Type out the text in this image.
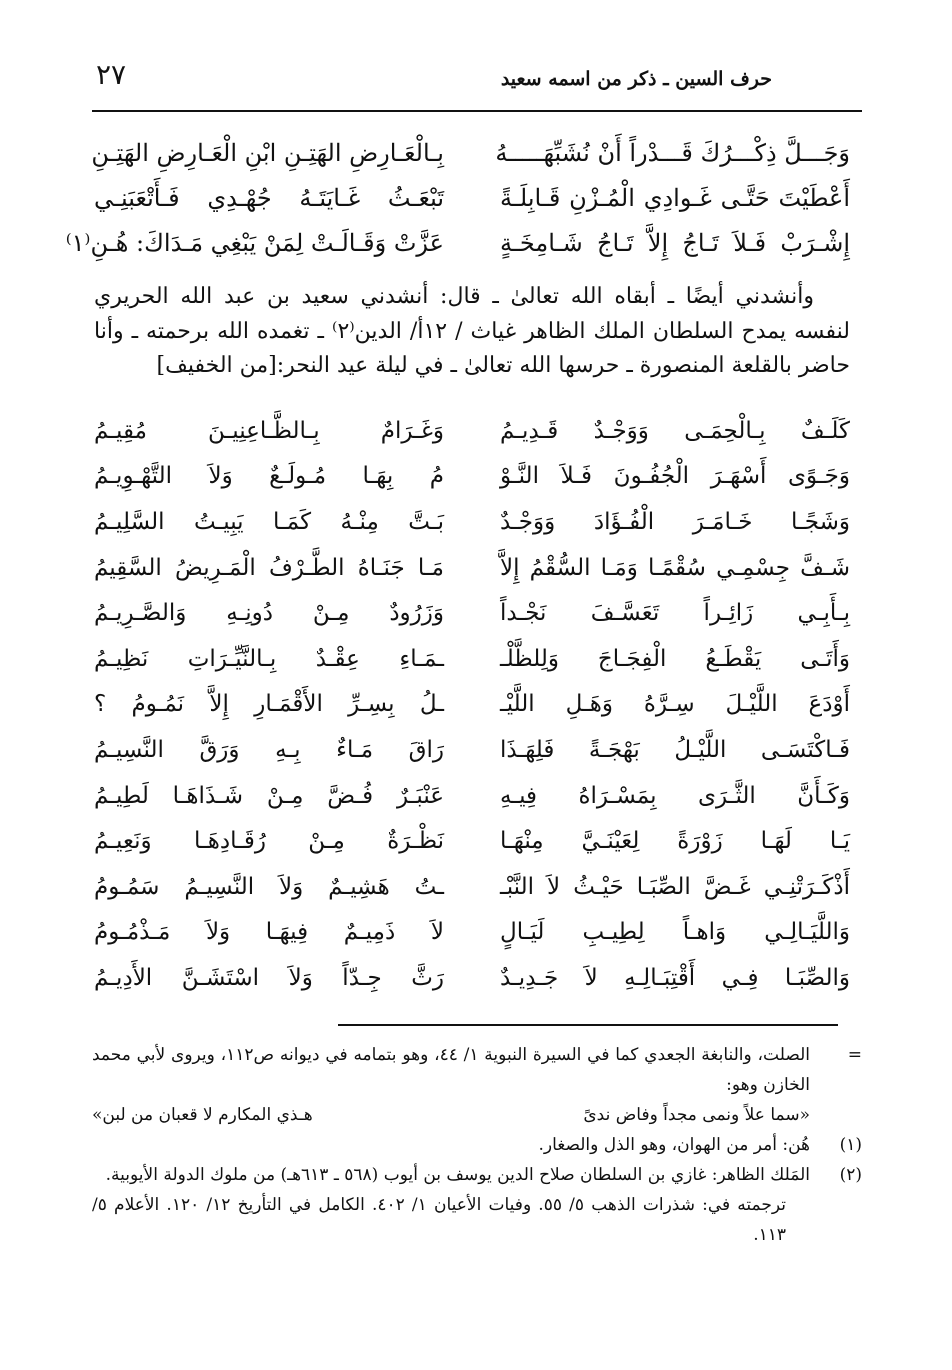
حرف السين ـ ذكر من اسمه سعيد
٢٧
وَجَـــلَّ ذِكْـــرُكَ قَـــدْراً أَنْ نُشَبِّهَـــــهُ
بِـالْعَـارِضِ الهَتِـنِ ابْنِ الْعَـارِضِ الهَتِـنِ
أَعْطَيْتَ حَتَّـى غَـوادِي الْمُـزْنِ قَـابِلَـةً
تَبْعَـثُ غَـايَتَـهُ جُهْـدِي فَـأَتْعَبَنِـي
إِشْـرَبْ فَـلاَ تَـاجُ إِلاَّ تَـاجُ شَـامِخَـةٍ
عَزَّتْ وَقَـالَـتْ لِمَنْ يَبْغِي مَـدَاكَ: هُـنِ⁽١⁾

وأنشدني أيضًا ـ أبقاه الله تعالىٰ ـ قال: أنشدني سعيد بن عبد الله الحريري لنفسه يمدح السلطان الملك الظاهر غياث / ١٢أ/ الدين⁽٢⁾ ـ تغمده الله برحمته ـ وأنا حاضر بالقلعة المنصورة ـ حرسها الله تعالىٰ ـ في ليلة عيد النحر:[من الخفيف]

كَلَـفٌ بِـالْحِمَـى وَوَجْـدٌ قَـدِيـمُ
وَغَـرَامٌ بِـالظَّـاعِنِيـنَ مُقِيـمُ
وَجَـوًى أَسْهَـرَ الْجُفُـونَ فَـلاَ النَّـوْ
مُ بِهَـا مُـولَـعٌ وَلاَ التَّهْـوِيـمُ
وَشَجًـا خَـامَـرَ الْفُـؤَادَ وَوَجْـدٌ
بَـتَّ مِنْـهُ كَمَـا يَبِيـتُ السَّلِيـمُ
شَـفَّ جِسْمِـي سُقْمًـا وَمَـا السُّقْمُ إِلاَّ
مَـا جَنَـاهُ الطَّـرْفُ الْمَـرِيضُ السَّقِيمُ
بِـأَبِـي زَائِـراً تَعَسَّـفَ نَجْـداً
وَزَرُودٌ مِـنْ دُونِـهِ وَالصَّـرِيـمُ
وَأَتَـى يَقْطَـعُ الْفِجَـاجَ وَلِلظَّلْـ
ـمَـاءِ عِقْـدٌ بِـالنَّيِّـرَاتِ نَظِيـمُ
أَوْدَعَ اللَّيْـلَ سِـرَّهُ وَهَـلِ اللَّيْـ
ـلُ بِسِـرِّ الأَقْمَـارِ إِلاَّ نَمُـومُ ؟
فَـاكْتَسَـى اللَّيْـلُ بَهْجَـةً فَلِهَـذَا
رَاقَ مَـاءٌ بِـهِ وَرَقَّ النَّسِيـمُ
وَكَـأَنَّ الثَّـرَى بِمَسْـرَاهُ فِيـهِ
عَنْبَـرٌ فُـضَّ مِـنْ شَـذَاهَـا لَطِيـمُ
يَـا لَهَـا زَوْرَةً لِعَيْنَـيَّ مِنْهَـا
نَظْـرَةٌ مِـنْ رُقَـادِهَـا وَنَعِيـمُ
أَذْكَـرَتْنِـي غَـضَّ الصِّبَـا حَيْـثُ لاَ النَّبْـ
ـتُ هَشِيـمٌ وَلاَ النَّسِيـمُ سَمُـومُ
وَاللَّيَـالِـي وَاهـاً لِطِيـبِ لَيَـالٍ
لاَ ذَمِيـمٌ فِيهَـا وَلاَ مَـذْمُـومُ
وَالصِّبَـا فِـي أَقْتِبَـالِـهِ لاَ جَـدِيـدٌ
رَثَّ جِـدّاً وَلاَ اسْتَشَـنَّ الأَدِيـمُ
=
الصلت، والنابغة الجعدي كما في السيرة النبوية ١/ ٤٤، وهو بتمامه في ديوانه ص١١٢، ويروى لأبي محمد الخازن وهو:
«سما علاً ونمى مجداً وفاض ندىً
هـذي المكارم لا قعبان من لبن»
(١)
هُن: أمر من الهوان، وهو الذل والصغار.
(٢)
المَلك الظاهر: غازي بن السلطان صلاح الدين يوسف بن أيوب (٥٦٨ ـ ٦١٣هـ) من ملوك الدولة الأيوبية.
ترجمته في: شذرات الذهب ٥/ ٥٥. وفيات الأعيان ١/ ٤٠٢. الكامل في التأريخ ١٢/ ١٢٠. الأعلام ٥/ ١١٣.
